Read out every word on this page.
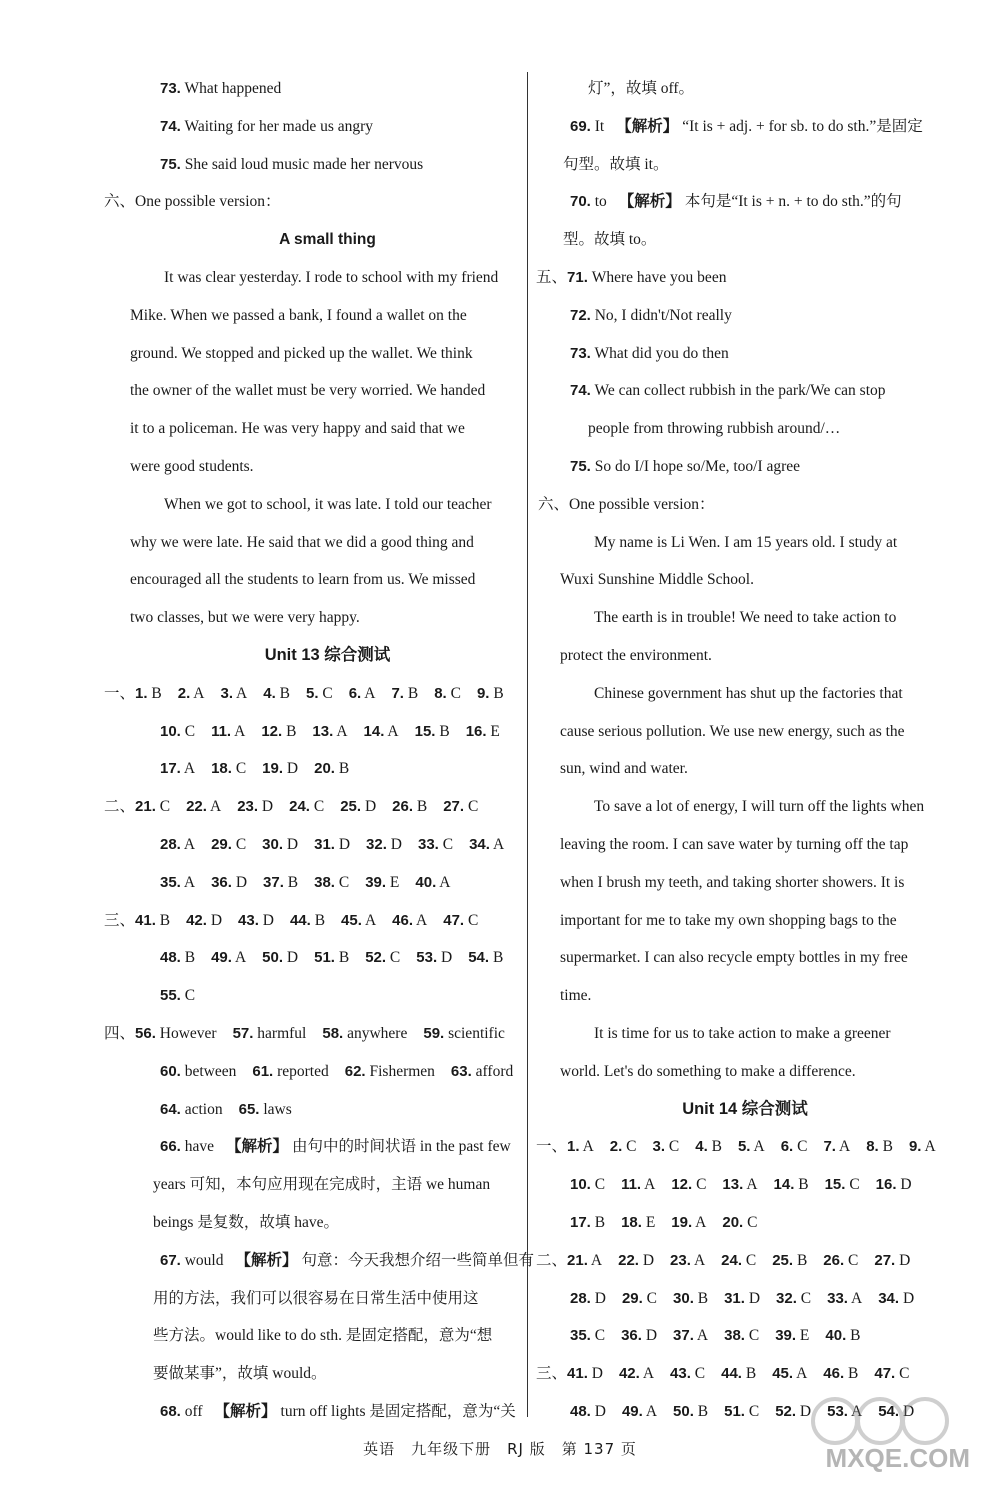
73. What happened
74. Waiting for her made us angry
75. She said loud music made her nervous
六、One possible version：
A small thing
It was clear yesterday. I rode to school with my friend
Mike. When we passed a bank, I found a wallet on the
ground. We stopped and picked up the wallet. We think
the owner of the wallet must be very worried. We handed
it to a policeman. He was very happy and said that we
were good students.
When we got to school, it was late. I told our teacher
why we were late. He said that we did a good thing and
encouraged all the students to learn from us. We missed
two classes, but we were very happy.
Unit 13 综合测试
一、1. B 2. A 3. A 4. B 5. C 6. A 7. B 8. C 9. B
10. C 11. A 12. B 13. A 14. A 15. B 16. E
17. A 18. C 19. D 20. B
二、21. C 22. A 23. D 24. C 25. D 26. B 27. C
28. A 29. C 30. D 31. D 32. D 33. C 34. A
35. A 36. D 37. B 38. C 39. E 40. A
三、41. B 42. D 43. D 44. B 45. A 46. A 47. C
48. B 49. A 50. D 51. B 52. C 53. D 54. B
55. C
四、56. However 57. harmful 58. anywhere 59. scientific
60. between 61. reported 62. Fishermen 63. afford
64. action 65. laws
66. have 【解析】 由句中的时间状语 in the past few
years 可知，本句应用现在完成时，主语 we human
beings 是复数，故填 have。
67. would 【解析】 句意：今天我想介绍一些简单但有
用的方法，我们可以很容易在日常生活中使用这
些方法。would like to do sth. 是固定搭配，意为“想
要做某事”，故填 would。
68. off 【解析】 turn off lights 是固定搭配，意为“关
灯”，故填 off。
69. It 【解析】 “It is + adj. + for sb. to do sth.”是固定
句型。故填 it。
70. to 【解析】 本句是“It is + n. + to do sth.”的句
型。故填 to。
五、71. Where have you been
72. No, I didn't/Not really
73. What did you do then
74. We can collect rubbish in the park/We can stop
people from throwing rubbish around/…
75. So do I/I hope so/Me, too/I agree
六、One possible version：
My name is Li Wen. I am 15 years old. I study at
Wuxi Sunshine Middle School.
The earth is in trouble! We need to take action to
protect the environment.
Chinese government has shut up the factories that
cause serious pollution. We use new energy, such as the
sun, wind and water.
To save a lot of energy, I will turn off the lights when
leaving the room. I can save water by turning off the tap
when I brush my teeth, and taking shorter showers. It is
important for me to take my own shopping bags to the
supermarket. I can also recycle empty bottles in my free
time.
It is time for us to take action to make a greener
world. Let's do something to make a difference.
Unit 14 综合测试
一、1. A 2. C 3. C 4. B 5. A 6. C 7. A 8. B 9. A
10. C 11. A 12. C 13. A 14. B 15. C 16. D
17. B 18. E 19. A 20. C
二、21. A 22. D 23. A 24. C 25. B 26. C 27. D
28. D 29. C 30. B 31. D 32. C 33. A 34. D
35. C 36. D 37. A 38. C 39. E 40. B
三、41. D 42. A 43. C 44. B 45. A 46. B 47. C
48. D 49. A 50. B 51. C 52. D 53. A 54. D
英语　九年级下册　RJ 版　第 137 页	MXQE.COM
